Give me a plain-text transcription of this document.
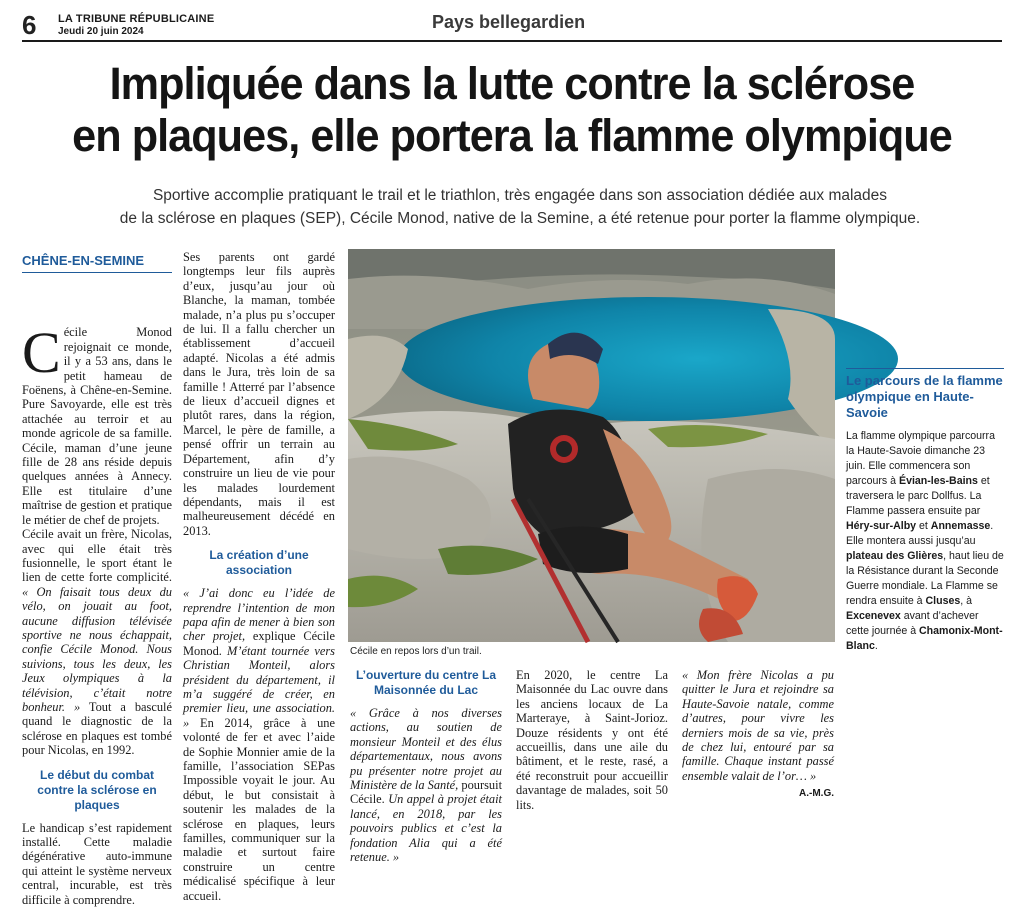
6 LA TRIBUNE RÉPUBLICAINE
Jeudi 20 juin 2024	Pays bellegardien
Impliquée dans la lutte contre la sclérose
en plaques, elle portera la flamme olympique
Sportive accomplie pratiquant le trail et le triathlon, très engagée dans son association dédiée aux malades
de la sclérose en plaques (SEP), Cécile Monod, native de la Semine, a été retenue pour porter la flamme olympique.
CHÊNE-EN-SEMINE

Cécile Monod rejoignait ce monde, il y a 53 ans, dans le petit hameau de Foënens, à Chêne-en-Semine. Pure Savoyarde, elle est très attachée au terroir et au monde agricole de sa famille. Cécile, maman d’une jeune fille de 28 ans réside depuis quelques années à Annecy. Elle est titulaire d’une maîtrise de gestion et pratique le métier de chef de projets.

Cécile avait un frère, Nicolas, avec qui elle était très fusionnelle, le sport étant le lien de cette forte complicité. « On faisait tous deux du vélo, on jouait au foot, aucune diffusion télévisée sportive ne nous échappait, confie Cécile Monod. Nous suivions, tous les deux, les Jeux olympiques à la télévision, c’était notre bonheur. » Tout a basculé quand le diagnostic de la sclérose en plaques est tombé pour Nicolas, en 1992.

Le début du combat contre la sclérose en plaques

Le handicap s’est rapidement installé. Cette maladie dégénérative auto-immune qui atteint le système nerveux central, incurable, est très difficile à comprendre.

Ses parents ont gardé longtemps leur fils auprès d’eux, jusqu’au jour où Blanche, la maman, tombée malade, n’a plus pu s’occuper de lui. Il a fallu chercher un établissement d’accueil adapté. Nicolas a été admis dans le Jura, très loin de sa famille ! Atterré par l’absence de lieux d’accueil dignes et plutôt rares, dans la région, Marcel, le père de famille, a pensé offrir un terrain au Département, afin d’y construire un lieu de vie pour les malades lourdement dépendants, mais il est malheureusement décédé en 2013.

La création d’une association

« J’ai donc eu l’idée de reprendre l’intention de mon papa afin de mener à bien son cher projet, explique Cécile Monod. M’étant tournée vers Christian Monteil, alors président du département, il m’a suggéré de créer, en premier lieu, une association. » En 2014, grâce à une volonté de fer et avec l’aide de Sophie Monnier amie de la famille, l’association SEPas Impossible voyait le jour. Au début, le but consistait à soutenir les malades de la sclérose en plaques, leurs familles, communiquer sur la maladie et surtout faire construire un centre médicalisé spécifique à leur accueil.

Cécile en repos lors d’un trail.
L’ouverture du centre La Maisonnée du Lac

« Grâce à nos diverses actions, au soutien de monsieur Monteil et des élus départementaux, nous avons pu présenter notre projet au Ministère de la Santé, poursuit Cécile. Un appel à projet était lancé, en 2018, par les pouvoirs publics et c’est la fondation Alia qui a été retenue. »

En 2020, le centre La Maisonnée du Lac ouvre dans les anciens locaux de La Marteraye, à Saint-Jorioz. Douze résidents y ont été accueillis, dans une aile du bâtiment, et le reste, rasé, a été reconstruit pour accueillir davantage de malades, soit 50 lits.

« Mon frère Nicolas a pu quitter le Jura et rejoindre sa Haute-Savoie natale, comme d’autres, pour vivre les derniers mois de sa vie, près de chez lui, entouré par sa famille. Chaque instant passé ensemble valait de l’or… »

A.-M.G.
Le parcours de la flamme olympique en Haute-Savoie
La flamme olympique parcourra la Haute-Savoie dimanche 23 juin. Elle commencera son parcours à Évian-les-Bains et traversera le parc Dollfus. La Flamme passera ensuite par Héry-sur-Alby et Annemasse. Elle montera aussi jusqu’au plateau des Glières, haut lieu de la Résistance durant la Seconde Guerre mondiale. La Flamme se rendra ensuite à Cluses, à Excenevex avant d’achever cette journée à Chamonix-Mont-Blanc.
